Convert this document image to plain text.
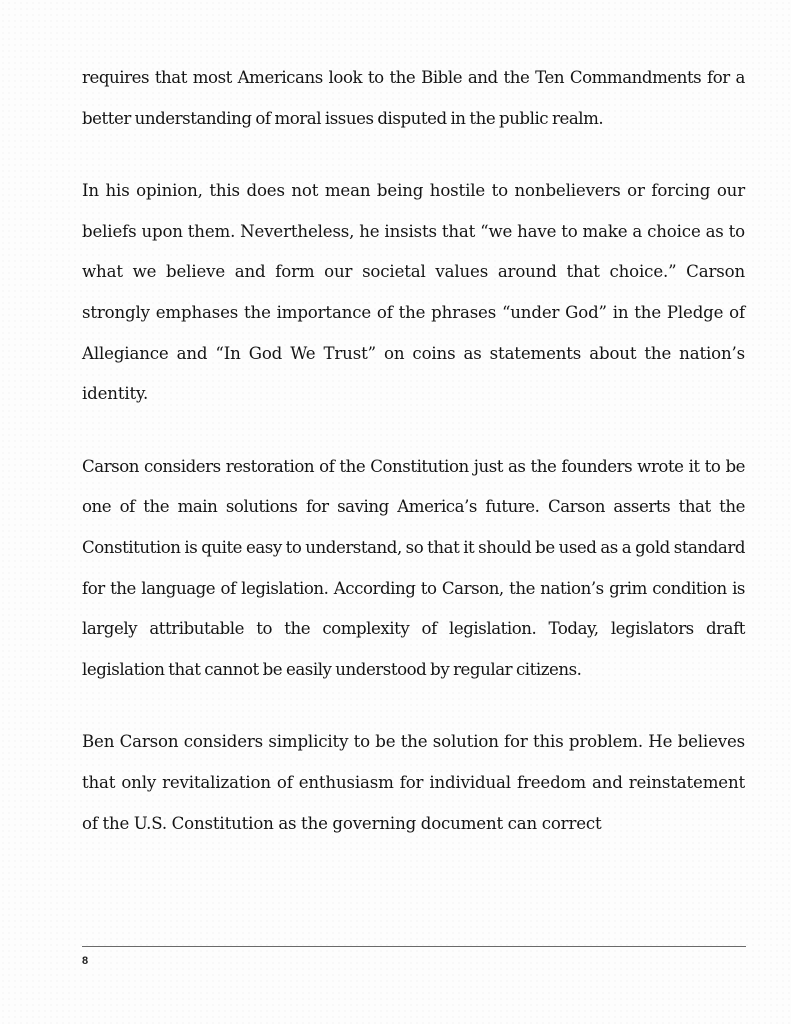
requires that most Americans look to the Bible and the Ten Commandments for a better understanding of moral issues disputed in the public realm.

In his opinion, this does not mean being hostile to nonbelievers or forcing our beliefs upon them. Nevertheless, he insists that “we have to make a choice as to what we believe and form our societal values around that choice.” Carson strongly emphases the importance of the phrases “under God” in the Pledge of Allegiance and “In God We Trust” on coins as statements about the nation’s identity.

Carson considers restoration of the Constitution just as the founders wrote it to be one of the main solutions for saving America’s future. Carson asserts that the Constitution is quite easy to understand, so that it should be used as a gold standard for the language of legislation. According to Carson, the nation’s grim condition is largely attributable to the complexity of legislation. Today, legislators draft legislation that cannot be easily understood by regular citizens.

Ben Carson considers simplicity to be the solution for this problem. He believes that only revitalization of enthusiasm for individual freedom and reinstatement of the U.S. Constitution as the governing document can correct

8
